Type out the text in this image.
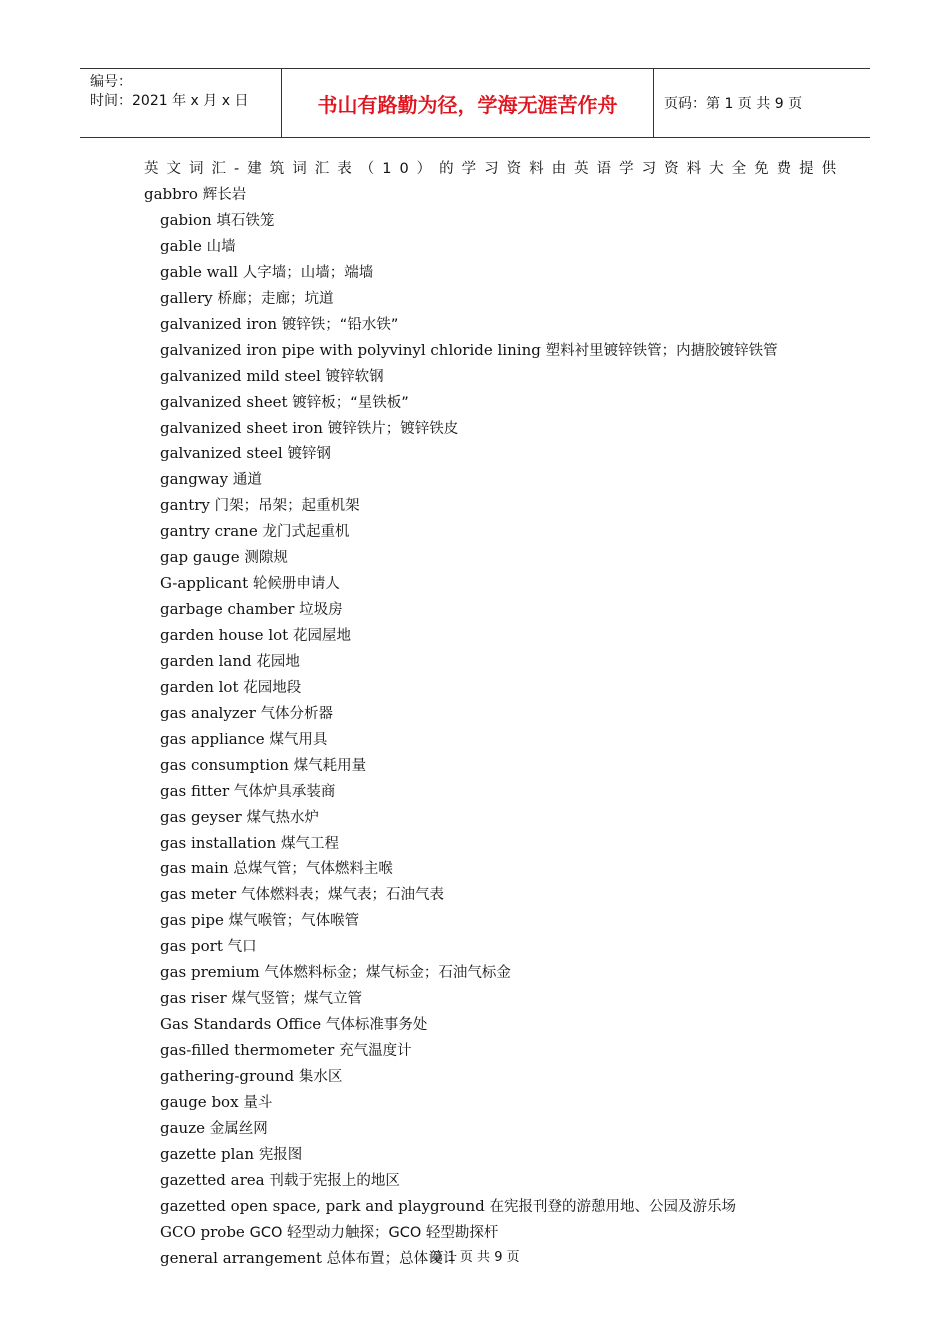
编号：
时间：2021 年 x 月 x 日	书山有路勤为径，学海无涯苦作舟	页码：第 1 页 共 9 页
英文词汇-建筑词汇表（10）的学习资料由英语学习资料大全免费提供
gabbro 辉长岩
gabion 填石铁笼
gable 山墙
gable wall 人字墙；山墙；端墙
gallery 桥廊；走廊；坑道
galvanized iron 镀锌铁；“铅水铁”
galvanized iron pipe with polyvinyl chloride lining 塑料衬里镀锌铁管；内搪胶镀锌铁管
galvanized mild steel 镀锌软钢
galvanized sheet 镀锌板；“星铁板”
galvanized sheet iron 镀锌铁片；镀锌铁皮
galvanized steel 镀锌钢
gangway 通道
gantry 门架；吊架；起重机架
gantry crane 龙门式起重机
gap gauge 测隙规
G-applicant 轮候册申请人
garbage chamber 垃圾房
garden house lot 花园屋地
garden land 花园地
garden lot 花园地段
gas analyzer 气体分析器
gas appliance 煤气用具
gas consumption 煤气耗用量
gas fitter 气体炉具承装商
gas geyser 煤气热水炉
gas installation 煤气工程
gas main 总煤气管；气体燃料主喉
gas meter 气体燃料表；煤气表；石油气表
gas pipe 煤气喉管；气体喉管
gas port 气口
gas premium 气体燃料标金；煤气标金；石油气标金
gas riser 煤气竖管；煤气立管
Gas Standards Office 气体标准事务处
gas-filled thermometer 充气温度计
gathering-ground 集水区
gauge box 量斗
gauze 金属丝网
gazette plan 宪报图
gazetted area 刊载于宪报上的地区
gazetted open space, park and playground 在宪报刊登的游憩用地、公园及游乐场
GCO probe GCO 轻型动力触探；GCO 轻型勘探杆
general arrangement 总体布置；总体设计
第 1 页 共 9 页
